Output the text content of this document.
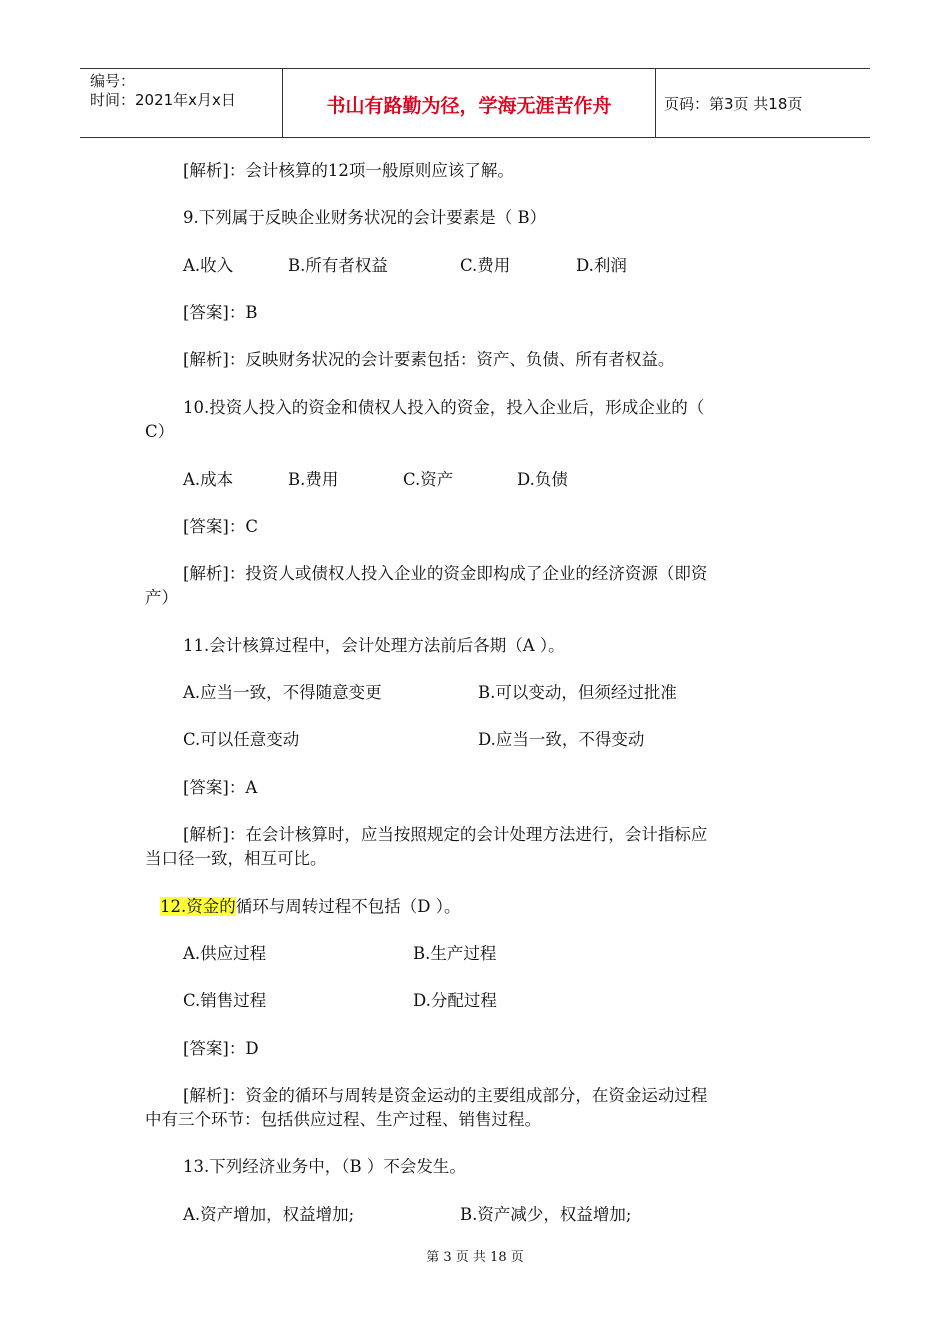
编号：
时间：2021年x月x日	书山有路勤为径，学海无涯苦作舟	页码：第3页 共18页
[解析]：会计核算的12项一般原则应该了解。
9.下列属于反映企业财务状况的会计要素是（ B）
A.收入	B.所有者权益	C.费用	D.利润
[答案]：B
[解析]：反映财务状况的会计要素包括：资产、负债、所有者权益。
10.投资人投入的资金和债权人投入的资金，投入企业后，形成企业的（
C）
A.成本	B.费用	C.资产	D.负债
[答案]：C
[解析]：投资人或债权人投入企业的资金即构成了企业的经济资源（即资
产）
11.会计核算过程中，会计处理方法前后各期（A ）。
A.应当一致，不得随意变更	B.可以变动，但须经过批准
C.可以任意变动	D.应当一致，不得变动
[答案]：A
[解析]：在会计核算时，应当按照规定的会计处理方法进行，会计指标应
当口径一致，相互可比。
12.资金的循环与周转过程不包括（D ）。
A.供应过程	B.生产过程
C.销售过程	D.分配过程
[答案]：D
[解析]：资金的循环与周转是资金运动的主要组成部分，在资金运动过程
中有三个环节：包括供应过程、生产过程、销售过程。
13.下列经济业务中，（B ）不会发生。
A.资产增加，权益增加;	B.资产减少，权益增加;
第 3 页 共 18 页
